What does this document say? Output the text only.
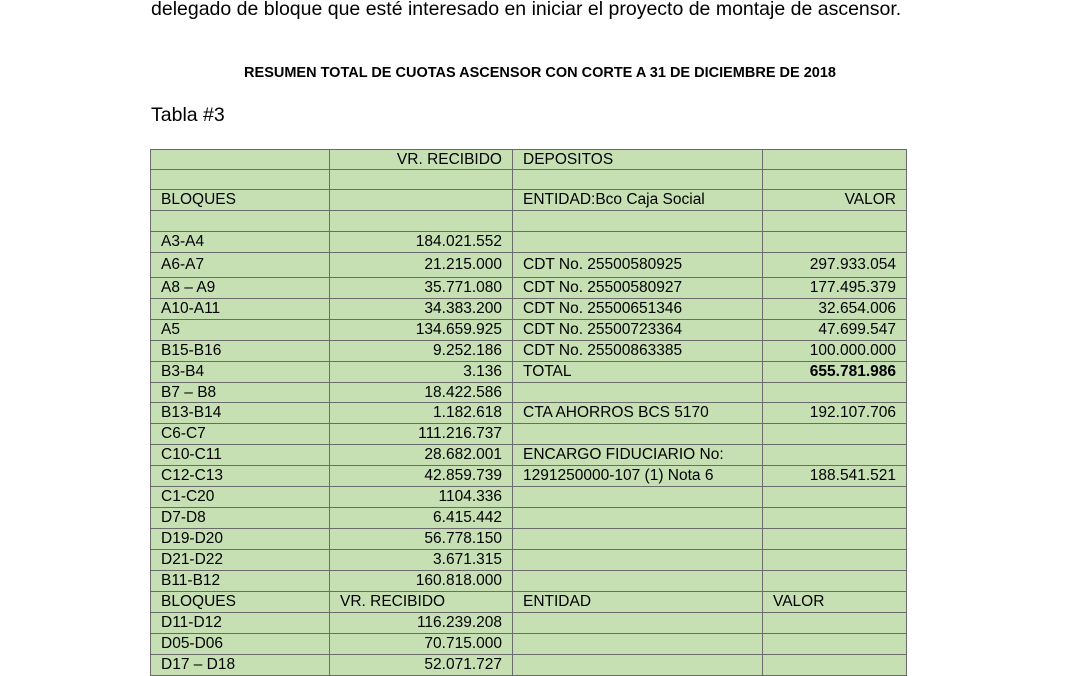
delegado de bloque que esté interesado en iniciar el proyecto de montaje de ascensor.
RESUMEN TOTAL DE CUOTAS ASCENSOR CON CORTE A 31 DE DICIEMBRE DE 2018
Tabla #3
	VR. RECIBIDO	DEPOSITOS	

BLOQUES		ENTIDAD:Bco Caja Social	VALOR

A3-A4	184.021.552		
A6-A7	21.215.000	CDT No. 25500580925	297.933.054
A8 – A9	35.771.080	CDT No. 25500580927	177.495.379
A10-A11	34.383.200	CDT No. 25500651346	32.654.006
A5	134.659.925	CDT No. 25500723364	47.699.547
B15-B16	9.252.186	CDT No. 25500863385	100.000.000
B3-B4	3.136	TOTAL	655.781.986
B7 – B8	18.422.586		
B13-B14	1.182.618	CTA AHORROS BCS 5170	192.107.706
C6-C7	111.216.737		
C10-C11	28.682.001	ENCARGO FIDUCIARIO No:	
C12-C13	42.859.739	1291250000-107 (1) Nota 6	188.541.521
C1-C20	1104.336		
D7-D8	6.415.442		
D19-D20	56.778.150		
D21-D22	3.671.315		
B11-B12	160.818.000		
BLOQUES	VR. RECIBIDO	ENTIDAD	VALOR
D11-D12	116.239.208		
D05-D06	70.715.000		
D17 – D18	52.071.727		
